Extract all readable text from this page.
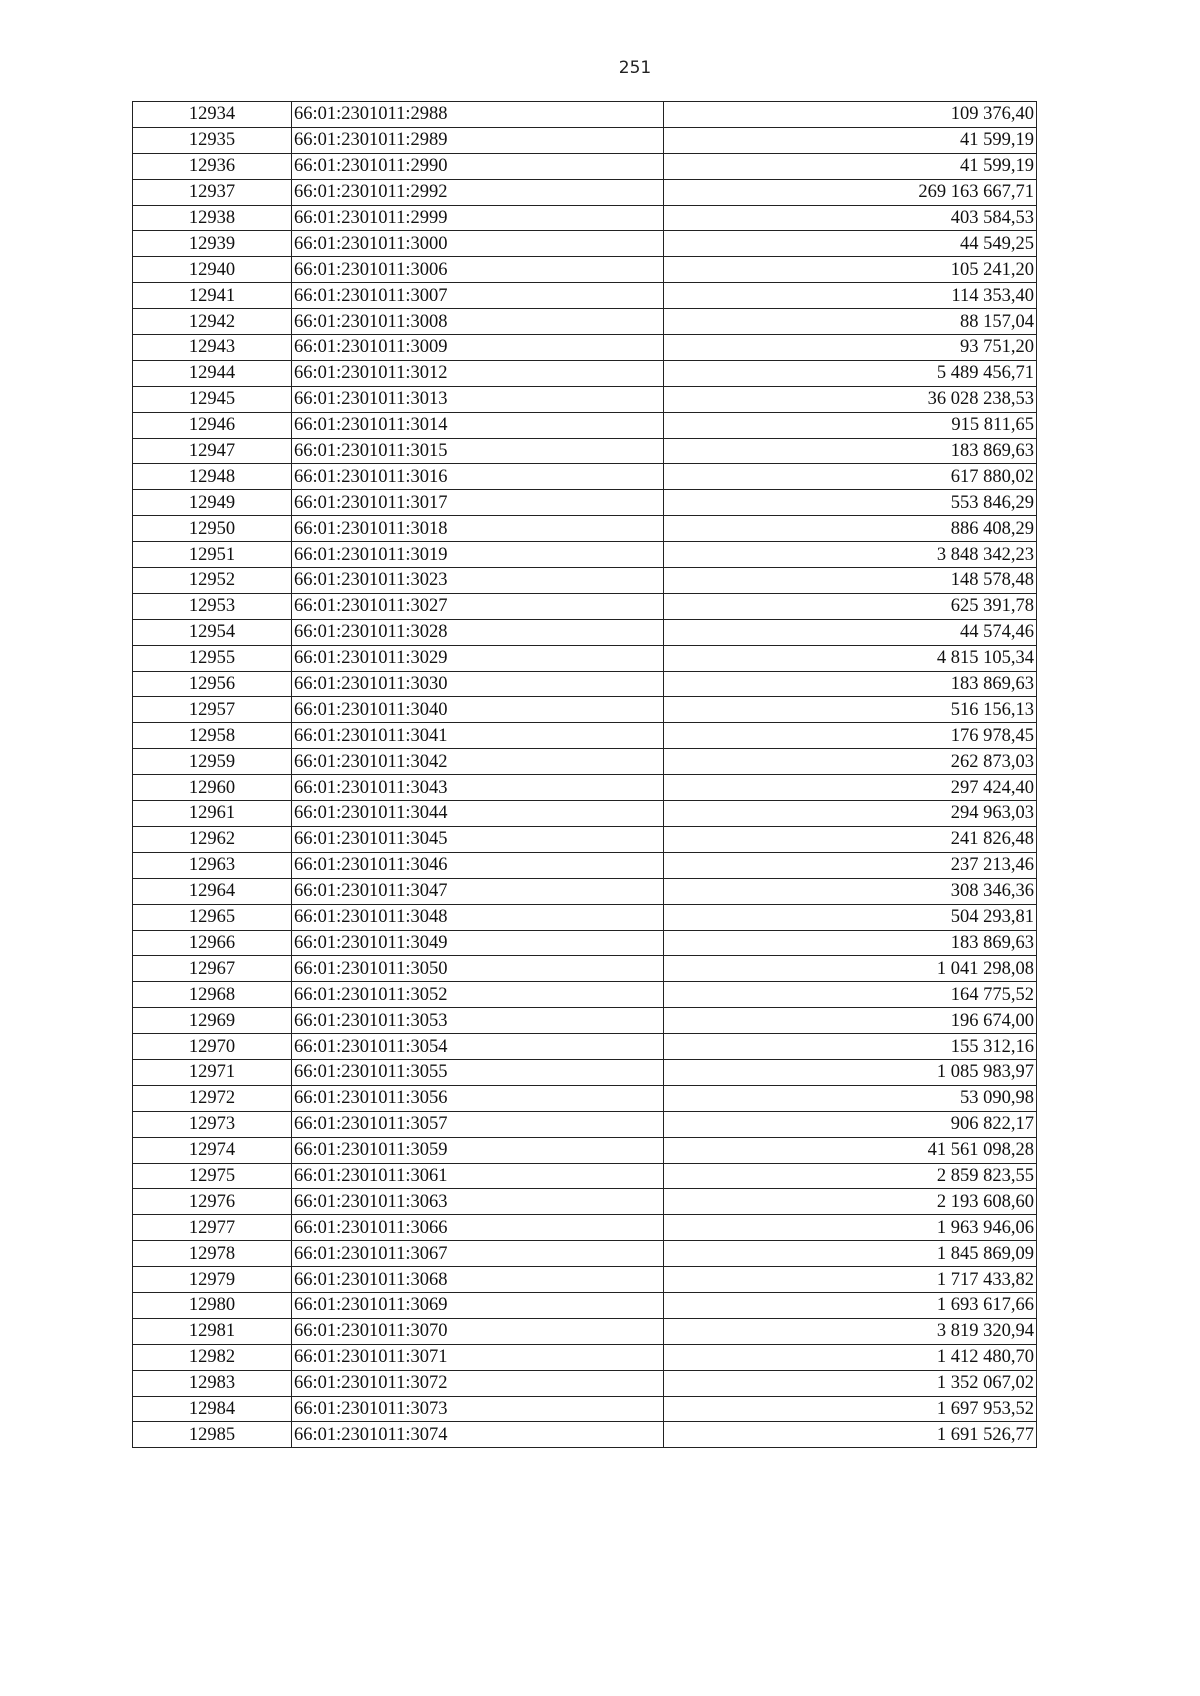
251
12934	66:01:2301011:2988	109 376,40
12935	66:01:2301011:2989	41 599,19
12936	66:01:2301011:2990	41 599,19
12937	66:01:2301011:2992	269 163 667,71
12938	66:01:2301011:2999	403 584,53
12939	66:01:2301011:3000	44 549,25
12940	66:01:2301011:3006	105 241,20
12941	66:01:2301011:3007	114 353,40
12942	66:01:2301011:3008	88 157,04
12943	66:01:2301011:3009	93 751,20
12944	66:01:2301011:3012	5 489 456,71
12945	66:01:2301011:3013	36 028 238,53
12946	66:01:2301011:3014	915 811,65
12947	66:01:2301011:3015	183 869,63
12948	66:01:2301011:3016	617 880,02
12949	66:01:2301011:3017	553 846,29
12950	66:01:2301011:3018	886 408,29
12951	66:01:2301011:3019	3 848 342,23
12952	66:01:2301011:3023	148 578,48
12953	66:01:2301011:3027	625 391,78
12954	66:01:2301011:3028	44 574,46
12955	66:01:2301011:3029	4 815 105,34
12956	66:01:2301011:3030	183 869,63
12957	66:01:2301011:3040	516 156,13
12958	66:01:2301011:3041	176 978,45
12959	66:01:2301011:3042	262 873,03
12960	66:01:2301011:3043	297 424,40
12961	66:01:2301011:3044	294 963,03
12962	66:01:2301011:3045	241 826,48
12963	66:01:2301011:3046	237 213,46
12964	66:01:2301011:3047	308 346,36
12965	66:01:2301011:3048	504 293,81
12966	66:01:2301011:3049	183 869,63
12967	66:01:2301011:3050	1 041 298,08
12968	66:01:2301011:3052	164 775,52
12969	66:01:2301011:3053	196 674,00
12970	66:01:2301011:3054	155 312,16
12971	66:01:2301011:3055	1 085 983,97
12972	66:01:2301011:3056	53 090,98
12973	66:01:2301011:3057	906 822,17
12974	66:01:2301011:3059	41 561 098,28
12975	66:01:2301011:3061	2 859 823,55
12976	66:01:2301011:3063	2 193 608,60
12977	66:01:2301011:3066	1 963 946,06
12978	66:01:2301011:3067	1 845 869,09
12979	66:01:2301011:3068	1 717 433,82
12980	66:01:2301011:3069	1 693 617,66
12981	66:01:2301011:3070	3 819 320,94
12982	66:01:2301011:3071	1 412 480,70
12983	66:01:2301011:3072	1 352 067,02
12984	66:01:2301011:3073	1 697 953,52
12985	66:01:2301011:3074	1 691 526,77
